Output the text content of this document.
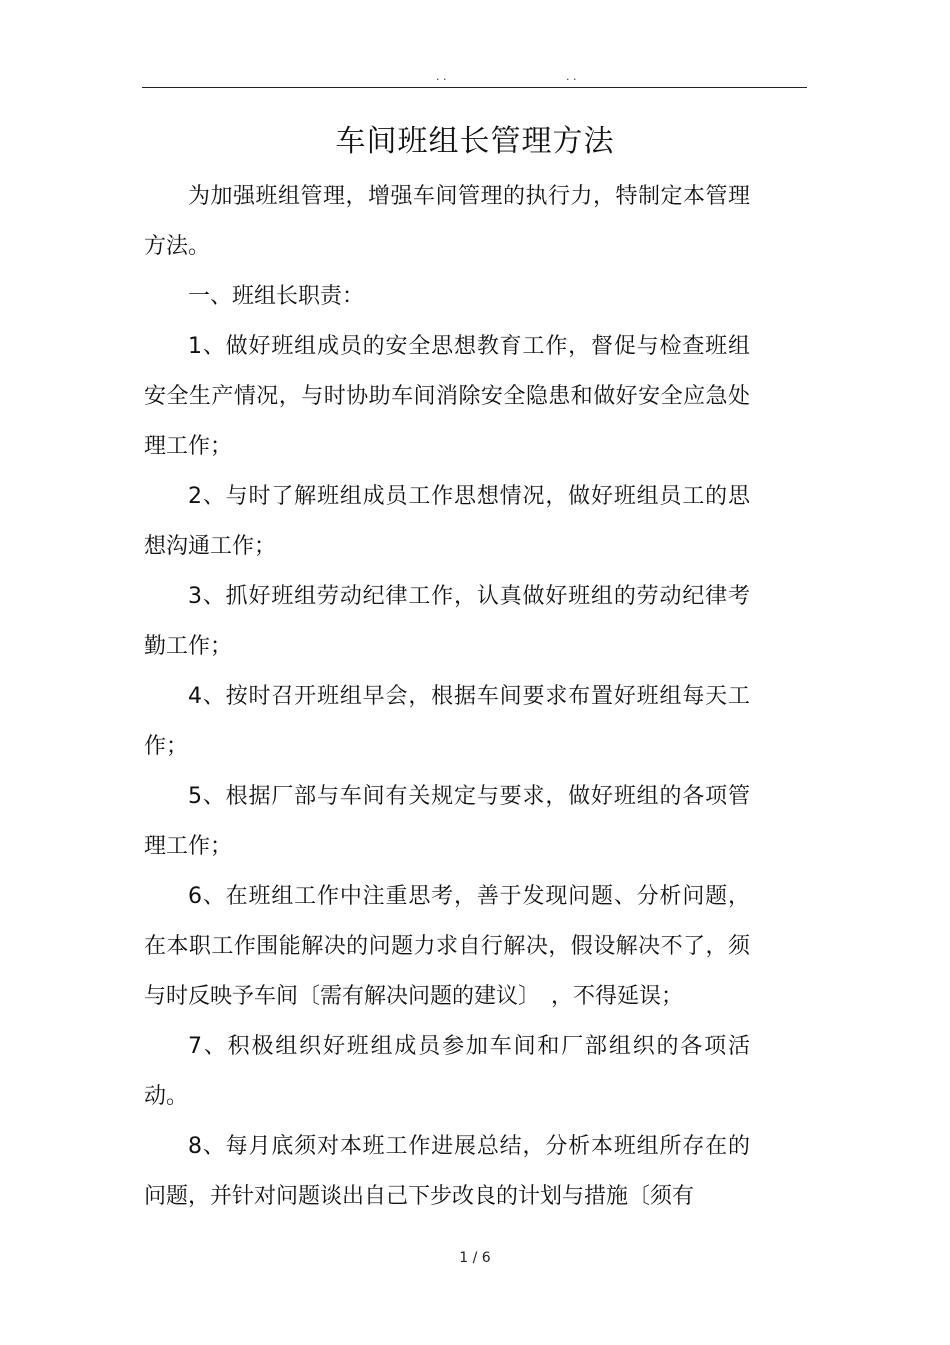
. .	. .
车间班组长管理方法

为加强班组管理，增强车间管理的执行力，特制定本管理方法。

一、班组长职责：

1、做好班组成员的安全思想教育工作，督促与检查班组安全生产情况，与时协助车间消除安全隐患和做好安全应急处理工作；

2、与时了解班组成员工作思想情况，做好班组员工的思想沟通工作；

3、抓好班组劳动纪律工作，认真做好班组的劳动纪律考勤工作；

4、按时召开班组早会，根据车间要求布置好班组每天工作；

5、根据厂部与车间有关规定与要求，做好班组的各项管理工作；

6、在班组工作中注重思考，善于发现问题、分析问题，在本职工作围能解决的问题力求自行解决，假设解决不了，须与时反映予车间〔需有解决问题的建议〕　，不得延误；

7、积极组织好班组成员参加车间和厂部组织的各项活动。

8、每月底须对本班工作进展总结，分析本班组所存在的问题，并针对问题谈出自己下步改良的计划与措施〔须有

1 / 6
